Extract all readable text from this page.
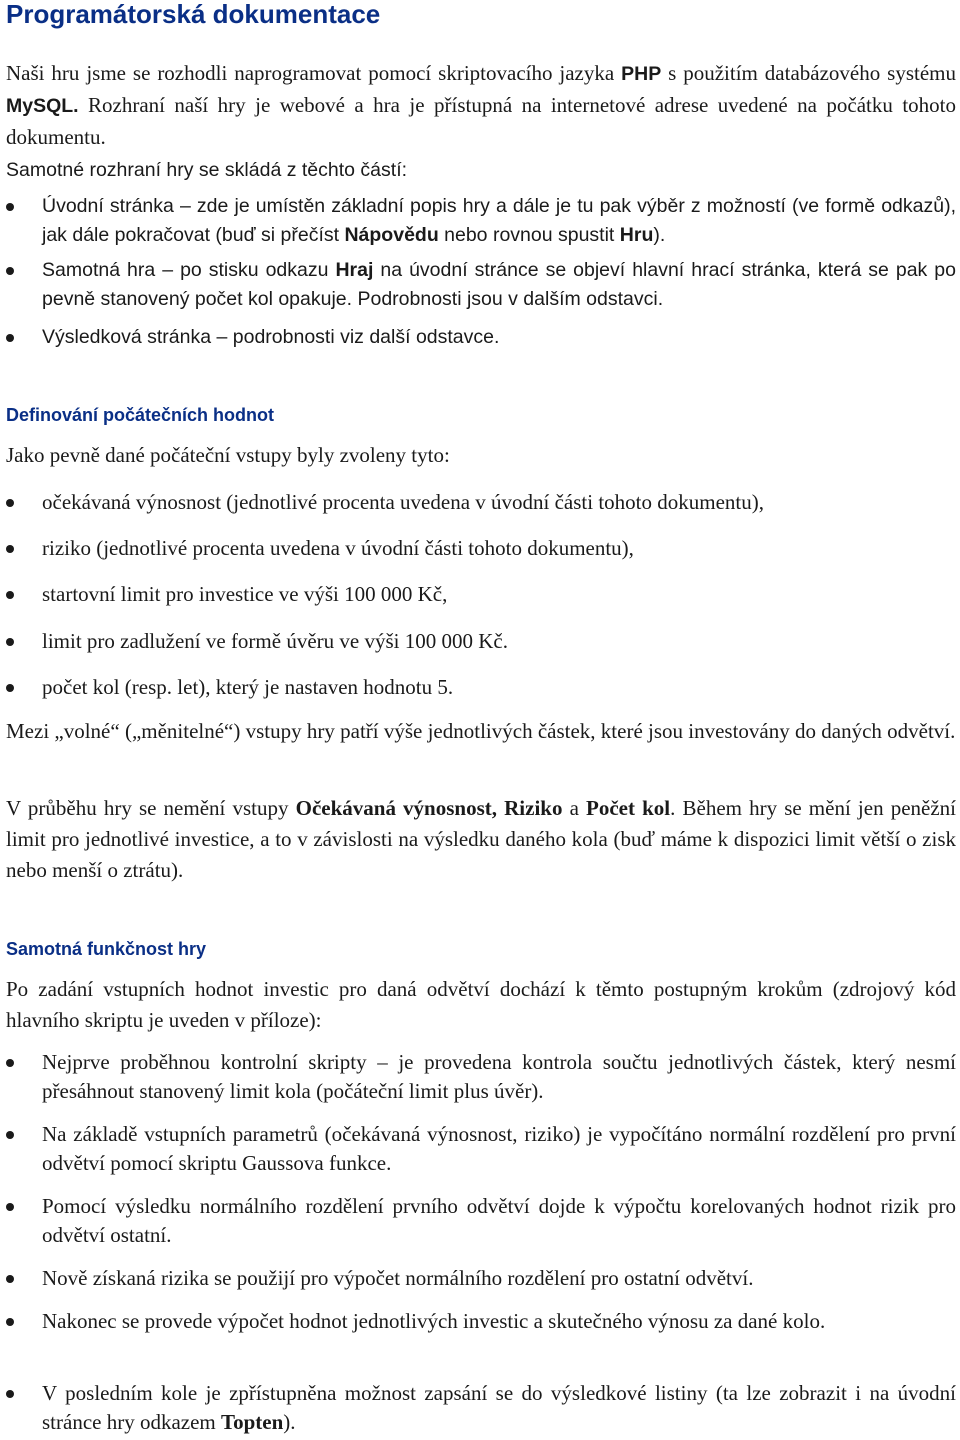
Programátorská dokumentace

Naši hru jsme se rozhodli naprogramovat pomocí skriptovacího jazyka PHP s použitím databázového systému MySQL. Rozhraní naší hry je webové a hra je přístupná na internetové adrese uvedené na počátku tohoto dokumentu.

Samotné rozhraní hry se skládá z těchto částí:

Úvodní stránka – zde je umístěn základní popis hry a dále je tu pak výběr z možností (ve formě odkazů), jak dále pokračovat (buď si přečíst Nápovědu nebo rovnou spustit Hru).
Samotná hra – po stisku odkazu Hraj na úvodní stránce se objeví hlavní hrací stránka, která se pak po pevně stanovený počet kol opakuje. Podrobnosti jsou v dalším odstavci.
Výsledková stránka – podrobnosti viz další odstavce.
Definování počátečních hodnot

Jako pevně dané počáteční vstupy byly zvoleny tyto:

očekávaná výnosnost (jednotlivé procenta uvedena v úvodní části tohoto dokumentu),
riziko (jednotlivé procenta uvedena v úvodní části tohoto dokumentu),
startovní limit pro investice ve výši 100 000 Kč,
limit pro zadlužení ve formě úvěru ve výši 100 000 Kč.
počet kol (resp. let), který je nastaven hodnotu 5.

Mezi „volné“ („měnitelné“) vstupy hry patří výše jednotlivých částek, které jsou investovány do daných odvětví.

V průběhu hry se nemění vstupy Očekávaná výnosnost, Riziko a Počet kol. Během hry se mění jen peněžní limit pro jednotlivé investice, a to v závislosti na výsledku daného kola (buď máme k dispozici limit větší o zisk nebo menší o ztrátu).

Samotná funkčnost hry

Po zadání vstupních hodnot investic pro daná odvětví dochází k těmto postupným krokům (zdrojový kód hlavního skriptu je uveden v příloze):

Nejprve proběhnou kontrolní skripty – je provedena kontrola součtu jednotlivých částek, který nesmí přesáhnout stanovený limit kola (počáteční limit plus úvěr).
Na základě vstupních parametrů (očekávaná výnosnost, riziko) je vypočítáno normální rozdělení pro první odvětví pomocí skriptu Gaussova funkce.
Pomocí výsledku normálního rozdělení prvního odvětví dojde k výpočtu korelovaných hodnot rizik pro odvětví ostatní.
Nově získaná rizika se použijí pro výpočet normálního rozdělení pro ostatní odvětví.
Nakonec se provede výpočet hodnot jednotlivých investic a skutečného výnosu za dané kolo.
V posledním kole je zpřístupněna možnost zapsání se do výsledkové listiny (ta lze zobrazit i na úvodní stránce hry odkazem Topten).
